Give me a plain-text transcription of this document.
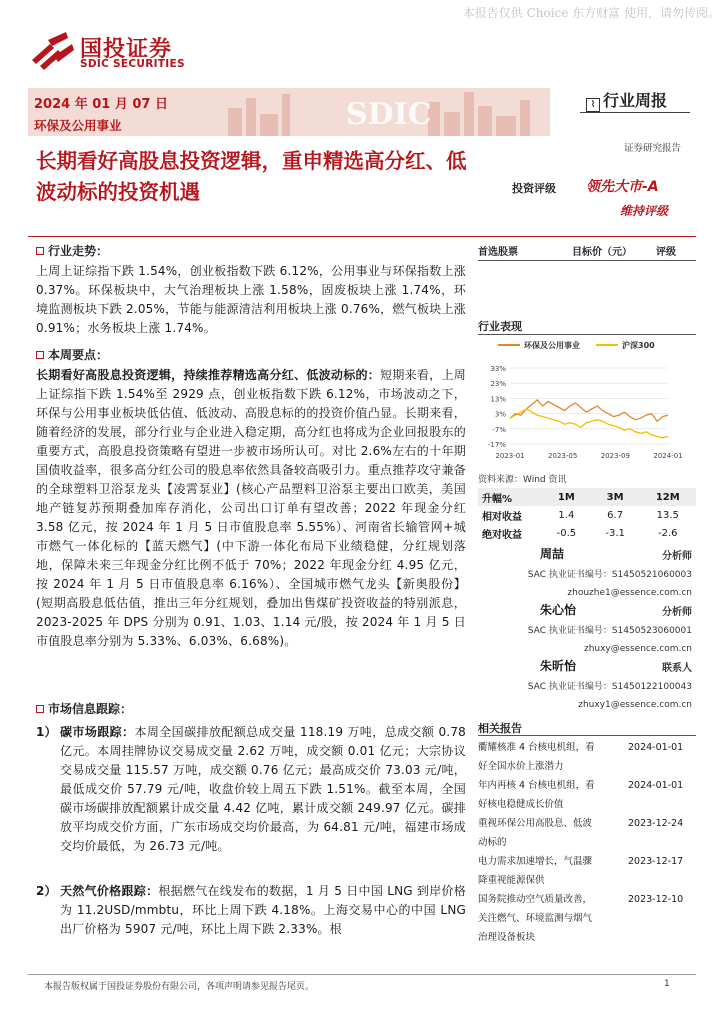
本报告仅供 Choice 东方财富 使用，请勿传阅。
国投证券
SDIC SECURITIES
SDIC
2024 年 01 月 07 日
环保及公用事业
⌇ 行业周报
证券研究报告
长期看好高股息投资逻辑，重申精选高分红、低波动标的投资机遇	投资评级 领先大市-A
维持评级
行业走势：
上周上证综指下跌 1.54%，创业板指数下跌 6.12%，公用事业与环保指数上涨 0.37%。环保板块中，大气治理板块上涨 1.58%，固废板块上涨 1.74%，环境监测板块下跌 2.05%，节能与能源清洁利用板块上涨 0.76%，燃气板块上涨 0.91%；水务板块上涨 1.74%。
本周要点：
长期看好高股息投资逻辑，持续推荐精选高分红、低波动标的：短期来看，上周上证综指下跌 1.54%至 2929 点，创业板指数下跌 6.12%，市场波动之下，环保与公用事业板块低估值、低波动、高股息标的的投资价值凸显。长期来看，随着经济的发展，部分行业与企业进入稳定期，高分红也将成为企业回报股东的重要方式，高股息投资策略有望进一步被市场所认可。对比 2.6%左右的十年期国债收益率，很多高分红公司的股息率依然具备较高吸引力。重点推荐攻守兼备的全球塑料卫浴泵龙头【凌霄泵业】(核心产品塑料卫浴泵主要出口欧美，美国地产链复苏预期叠加库存消化，公司出口订单有望改善；2022 年现金分红 3.58 亿元，按 2024 年 1 月 5 日市值股息率 5.55%）、河南省长输管网+城市燃气一体化标的【蓝天燃气】(中下游一体化布局下业绩稳健，分红规划落地，保障未来三年现金分红比例不低于 70%；2022 年现金分红 4.95 亿元，按 2024 年 1 月 5 日市值股息率 6.16%）、全国城市燃气龙头【新奥股份】(短期高股息低估值，推出三年分红规划，叠加出售煤矿投资收益的特别派息，2023-2025 年 DPS 分别为 0.91、1.03、1.14 元/股，按 2024 年 1 月 5 日市值股息率分别为 5.33%、6.03%、6.68%)。
市场信息跟踪：
1） 碳市场跟踪：本周全国碳排放配额总成交量 118.19 万吨，总成交额 0.78 亿元。本周挂牌协议交易成交量 2.62 万吨，成交额 0.01 亿元；大宗协议交易成交量 115.57 万吨，成交额 0.76 亿元；最高成交价 73.03 元/吨，最低成交价 57.79 元/吨，收盘价较上周五下跌 1.51%。截至本周，全国碳市场碳排放配额累计成交量 4.42 亿吨，累计成交额 249.97 亿元。碳排放平均成交价方面，广东市场成交均价最高，为 64.81 元/吨，福建市场成交均价最低，为 26.73 元/吨。
2） 天然气价格跟踪：根据燃气在线发布的数据，1 月 5 日中国 LNG 到岸价格为 11.2USD/mmbtu，环比上周下跌 4.18%。上海交易中心的中国 LNG 出厂价格为 5907 元/吨，环比上周下跌 2.33%。根
首选股票	目标价（元） 评级
行业表现
环保及公用事业	沪深300
33%
23%
13%
3%
-7%
-17%
2023-01	2023-05	2023-09	2024-01
资料来源：Wind 资讯
升幅%	1M	3M	12M
相对收益	1.4	6.7	13.5
绝对收益	-0.5	-3.1	-2.6
周喆	分析师
SAC 执业证书编号：S1450521060003
zhouzhe1@essence.com.cn
朱心怡	分析师
SAC 执业证书编号：S1450523060001
zhuxy@essence.com.cn
朱昕怡	联系人
SAC 执业证书编号：S1450122100043
zhuxy1@essence.com.cn
相关报告
衢耀核准 4 台核电机组，看
好全国水价上涨潜力
2024-01-01
年内再核 4 台核电机组，看
好核电稳健成长价值
2024-01-01
重视环保公用高股息、低波
动标的
2023-12-24
电力需求加速增长，气温骤
降重视能源保供
2023-12-17
国务院推动空气质量改善，
关注燃气、环境监测与烟气
治理设备板块
2023-12-10
本报告版权属于国投证券股份有限公司，各项声明请参见报告尾页。	1
